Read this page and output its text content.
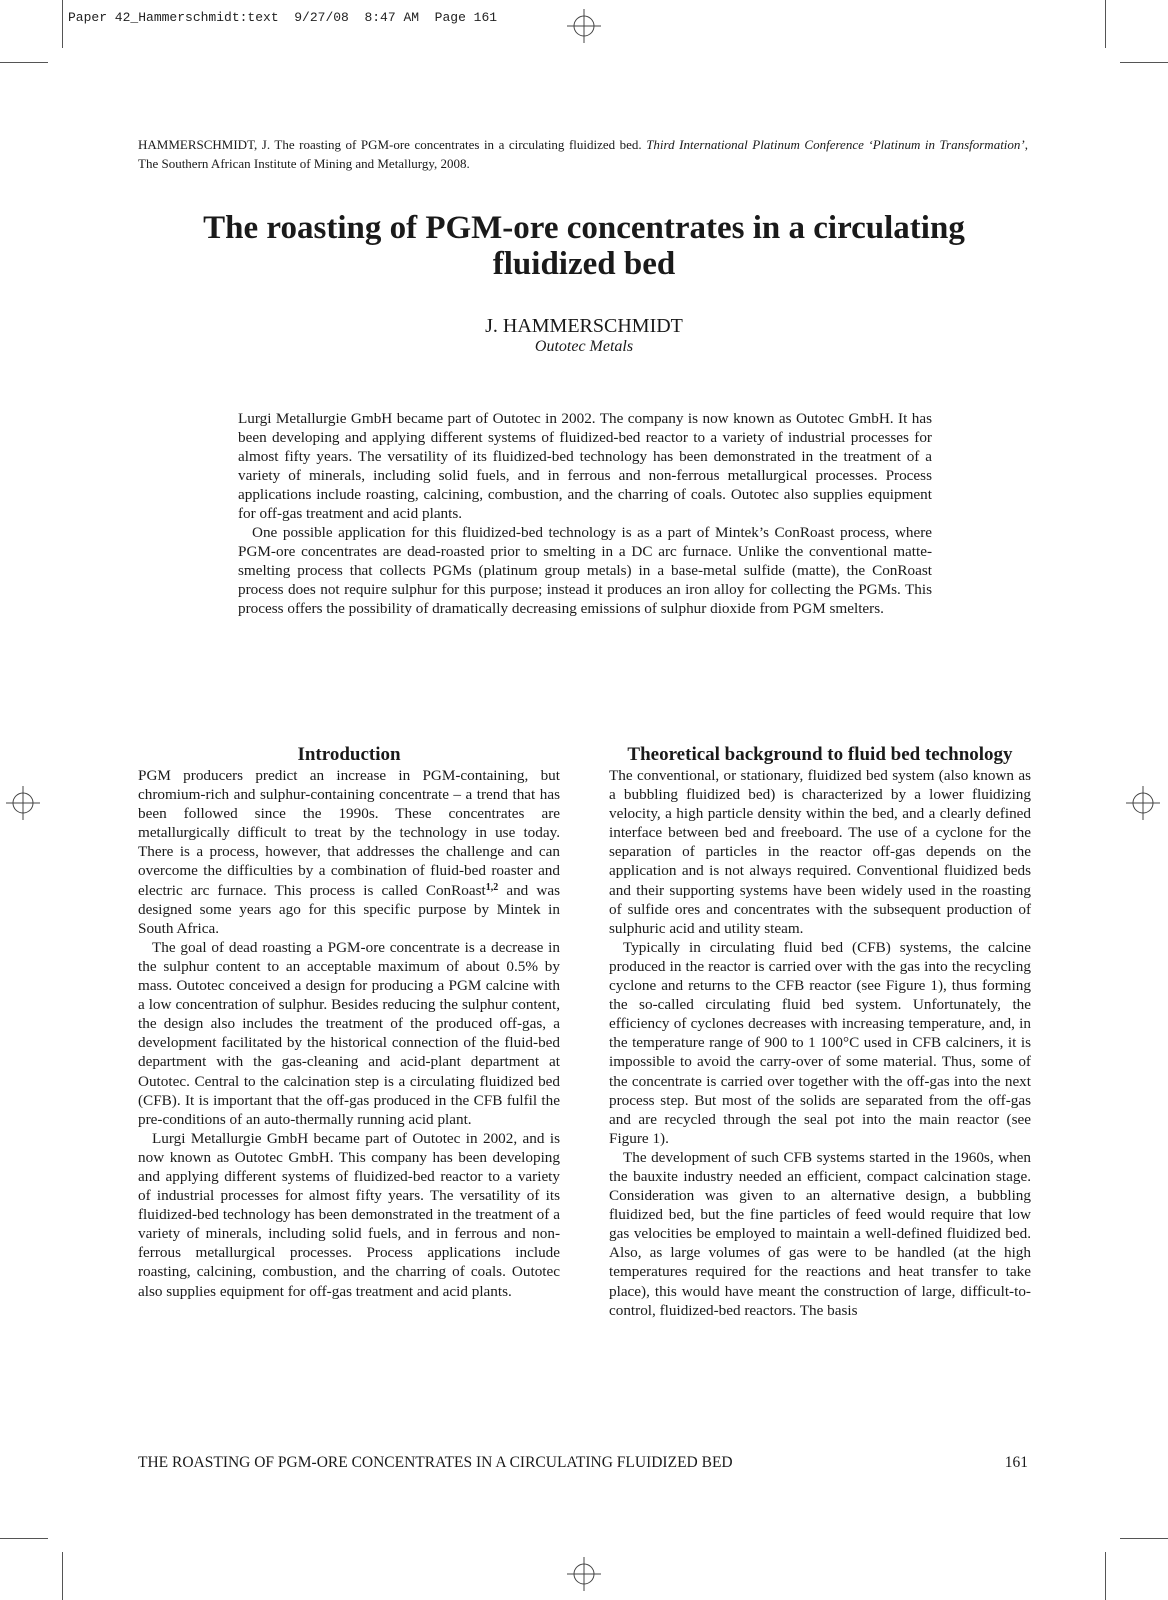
Paper 42_Hammerschmidt:text  9/27/08  8:47 AM  Page 161
HAMMERSCHMIDT, J. The roasting of PGM-ore concentrates in a circulating fluidized bed. Third International Platinum Conference ‘Platinum in Transformation’, The Southern African Institute of Mining and Metallurgy, 2008.
The roasting of PGM-ore concentrates in a circulating fluidized bed
J. HAMMERSCHMIDT
Outotec Metals

Lurgi Metallurgie GmbH became part of Outotec in 2002. The company is now known as Outotec GmbH. It has been developing and applying different systems of fluidized-bed reactor to a variety of industrial processes for almost fifty years. The versatility of its fluidized-bed technology has been demonstrated in the treatment of a variety of minerals, including solid fuels, and in ferrous and non-ferrous metallurgical processes. Process applications include roasting, calcining, combustion, and the charring of coals. Outotec also supplies equipment for off-gas treatment and acid plants.

One possible application for this fluidized-bed technology is as a part of Mintek’s ConRoast process, where PGM-ore concentrates are dead-roasted prior to smelting in a DC arc furnace. Unlike the conventional matte-smelting process that collects PGMs (platinum group metals) in a base-metal sulfide (matte), the ConRoast process does not require sulphur for this purpose; instead it produces an iron alloy for collecting the PGMs. This process offers the possibility of dramatically decreasing emissions of sulphur dioxide from PGM smelters.

Introduction

PGM producers predict an increase in PGM-containing, but chromium-rich and sulphur-containing concentrate – a trend that has been followed since the 1990s. These concentrates are metallurgically difficult to treat by the technology in use today. There is a process, however, that addresses the challenge and can overcome the difficulties by a combination of fluid-bed roaster and electric arc furnace. This process is called ConRoast$^{1,2}$ and was designed some years ago for this specific purpose by Mintek in South Africa.

The goal of dead roasting a PGM-ore concentrate is a decrease in the sulphur content to an acceptable maximum of about 0.5% by mass. Outotec conceived a design for producing a PGM calcine with a low concentration of sulphur. Besides reducing the sulphur content, the design also includes the treatment of the produced off-gas, a development facilitated by the historical connection of the fluid-bed department with the gas-cleaning and acid-plant department at Outotec. Central to the calcination step is a circulating fluidized bed (CFB). It is important that the off-gas produced in the CFB fulfil the pre-conditions of an auto-thermally running acid plant.

Lurgi Metallurgie GmbH became part of Outotec in 2002, and is now known as Outotec GmbH. This company has been developing and applying different systems of fluidized-bed reactor to a variety of industrial processes for almost fifty years. The versatility of its fluidized-bed technology has been demonstrated in the treatment of a variety of minerals, including solid fuels, and in ferrous and non-ferrous metallurgical processes. Process applications include roasting, calcining, combustion, and the charring of coals. Outotec also supplies equipment for off-gas treatment and acid plants.

Theoretical background to fluid bed technology

The conventional, or stationary, fluidized bed system (also known as a bubbling fluidized bed) is characterized by a lower fluidizing velocity, a high particle density within the bed, and a clearly defined interface between bed and freeboard. The use of a cyclone for the separation of particles in the reactor off-gas depends on the application and is not always required. Conventional fluidized beds and their supporting systems have been widely used in the roasting of sulfide ores and concentrates with the subsequent production of sulphuric acid and utility steam.

Typically in circulating fluid bed (CFB) systems, the calcine produced in the reactor is carried over with the gas into the recycling cyclone and returns to the CFB reactor (see Figure 1), thus forming the so-called circulating fluid bed system. Unfortunately, the efficiency of cyclones decreases with increasing temperature, and, in the temperature range of 900 to 1 100°C used in CFB calciners, it is impossible to avoid the carry-over of some material. Thus, some of the concentrate is carried over together with the off-gas into the next process step. But most of the solids are separated from the off-gas and are recycled through the seal pot into the main reactor (see Figure 1).

The development of such CFB systems started in the 1960s, when the bauxite industry needed an efficient, compact calcination stage. Consideration was given to an alternative design, a bubbling fluidized bed, but the fine particles of feed would require that low gas velocities be employed to maintain a well-defined fluidized bed. Also, as large volumes of gas were to be handled (at the high temperatures required for the reactions and heat transfer to take place), this would have meant the construction of large, difficult-to-control, fluidized-bed reactors. The basis

THE ROASTING OF PGM-ORE CONCENTRATES IN A CIRCULATING FLUIDIZED BED	161
